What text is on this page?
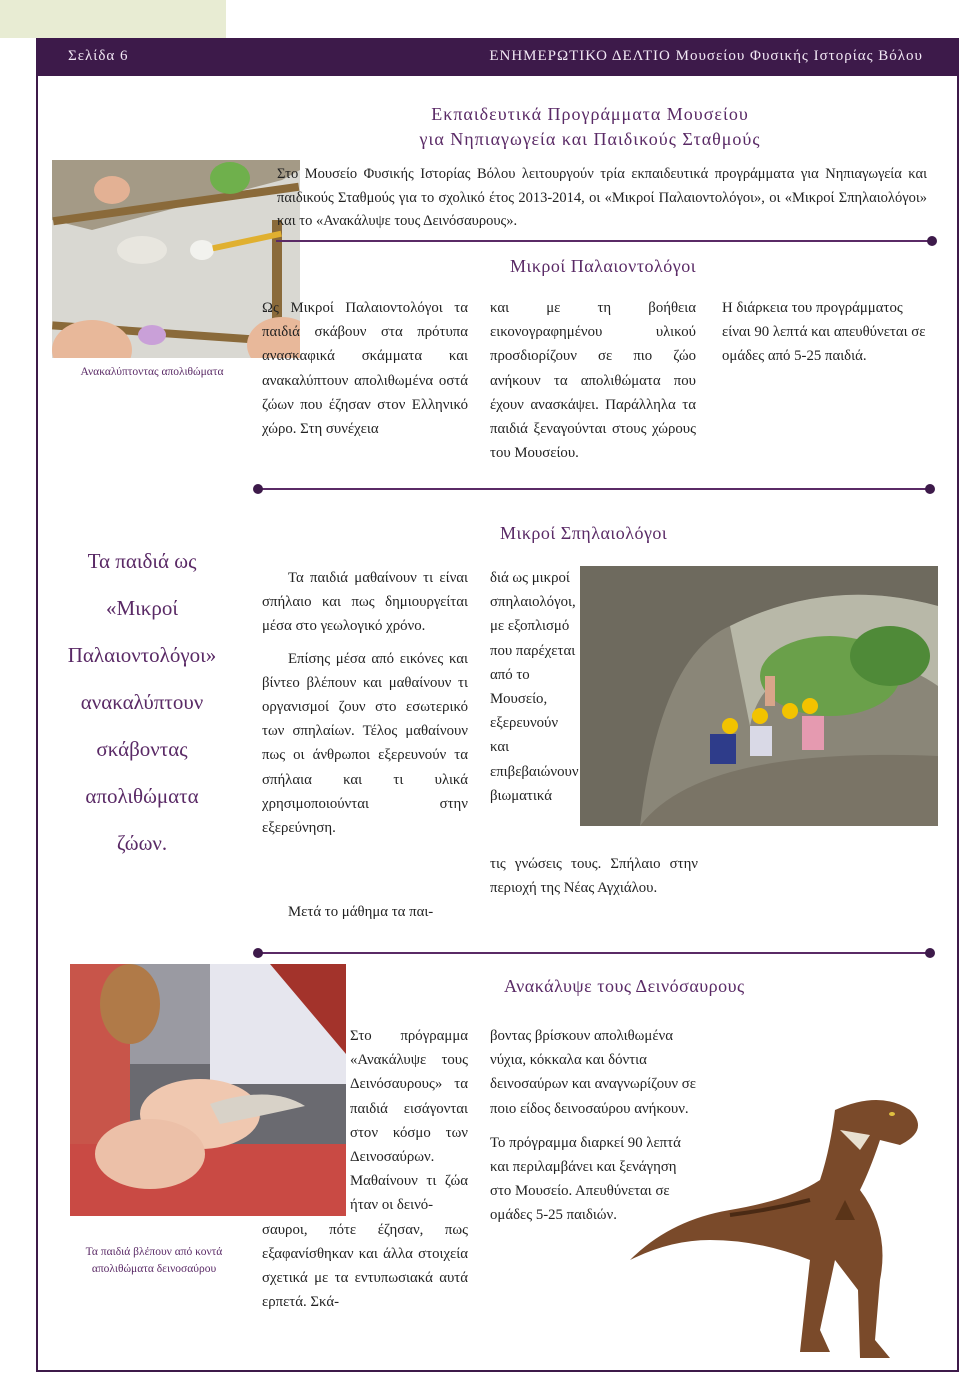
Σελίδα 6	ΕΝΗΜΕΡΩΤΙΚΟ ΔΕΛΤΙΟ Μουσείου Φυσικής Ιστορίας Βόλου
Εκπαιδευτικά Προγράμματα Μουσείου
για Νηπιαγωγεία και Παιδικούς Σταθμούς
Ανακαλύπτοντας απολιθώματα
Στο Μουσείο Φυσικής Ιστορίας Βόλου λειτουργούν τρία εκπαιδευτικά προγράμματα για Νηπιαγωγεία και παιδικούς Σταθμούς για το σχολικό έτος 2013-2014, οι «Μικροί Παλαιοντολόγοι», οι «Μικροί Σπηλαιολόγοι» και το «Ανακάλυψε τους Δεινόσαυρους».
Μικροί Παλαιοντολόγοι

Ως Μικροί Παλαιοντολόγοι τα παιδιά σκάβουν στα πρότυπα ανασκαφικά σκάμματα και ανακαλύπτουν απολιθωμένα οστά ζώων που έζησαν στον Ελληνικό χώρο. Στη συνέχεια

και με τη βοήθεια εικονογραφημένου υλικού προσδιορίζουν σε πιο ζώο ανήκουν τα απολιθώματα που έχουν ανασκάψει. Παράλληλα τα παιδιά ξεναγούνται στους χώρους του Μουσείου.

Η διάρκεια του προγράμματος είναι 90 λεπτά και απευθύνεται σε ομάδες από 5-25 παιδιά.

Τα παιδιά ως
«Μικροί
Παλαιοντολόγοι»
ανακαλύπτουν
σκάβοντας
απολιθώματα
ζώων.
Μικροί Σπηλαιολόγοι

Τα παιδιά μαθαίνουν τι είναι σπήλαιο και πως δημιουργείται μέσα στο γεωλογικό χρόνο.

Επίσης μέσα από εικόνες και βίντεο βλέπουν και μαθαίνουν τι οργανισμοί ζουν στο εσωτερικό των σπηλαίων. Τέλος μαθαίνουν πως οι άνθρωποι εξερευνούν τα σπήλαια και τι υλικά χρησιμοποιούνται στην εξερεύνηση.

διά ως μικροί σπηλαιολόγοι, με εξοπλισμό που παρέχεται από το Μουσείο, εξερευνούν και επιβεβαιώνουν βιωματικά

τις γνώσεις τους. Σπήλαιο στην περιοχή της Νέας Αγχιάλου.

Μετά το μάθημα τα παι-

Ανακάλυψε τους Δεινόσαυρους
Τα παιδιά βλέπουν από κοντά απολιθώματα δεινοσαύρου

Στο πρόγραμμα «Ανακάλυψε τους Δεινόσαυρους» τα παιδιά εισάγονται στον κόσμο των Δεινοσαύρων. Μαθαίνουν τι ζώα ήταν οι δεινό-

σαυροι, πότε έζησαν, πως εξαφανίσθηκαν και άλλα στοιχεία σχετικά με τα εντυπωσιακά αυτά ερπετά. Σκά-

βοντας βρίσκουν απολιθωμένα νύχια, κόκκαλα και δόντια δεινοσαύρων και αναγνωρίζουν σε ποιο είδος δεινοσαύρου ανήκουν.

Το πρόγραμμα διαρκεί 90 λεπτά και περιλαμβάνει και ξενάγηση στο Μουσείο. Απευθύνεται σε ομάδες 5-25 παιδιών.
